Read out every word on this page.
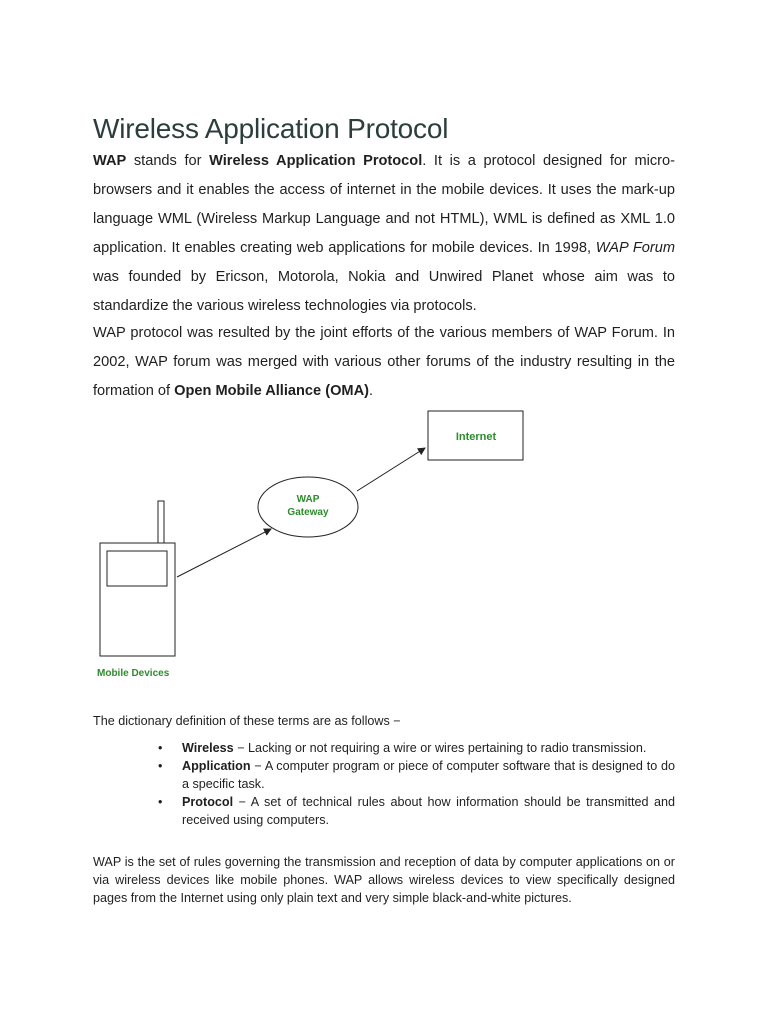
Wireless Application Protocol

WAP stands for Wireless Application Protocol. It is a protocol designed for micro-browsers and it enables the access of internet in the mobile devices. It uses the mark-up language WML (Wireless Markup Language and not HTML), WML is defined as XML 1.0 application. It enables creating web applications for mobile devices. In 1998, WAP Forum was founded by Ericson, Motorola, Nokia and Unwired Planet whose aim was to standardize the various wireless technologies via protocols.

WAP protocol was resulted by the joint efforts of the various members of WAP Forum. In 2002, WAP forum was merged with various other forums of the industry resulting in the formation of Open Mobile Alliance (OMA).

The dictionary definition of these terms are as follows −

• Wireless − Lacking or not requiring a wire or wires pertaining to radio transmission.
• Application − A computer program or piece of computer software that is designed to do a specific task.
• Protocol − A set of technical rules about how information should be transmitted and received using computers.

WAP is the set of rules governing the transmission and reception of data by computer applications on or via wireless devices like mobile phones. WAP allows wireless devices to view specifically designed pages from the Internet using only plain text and very simple black-and-white pictures.

Internet
WAP
Gateway
Mobile Devices
